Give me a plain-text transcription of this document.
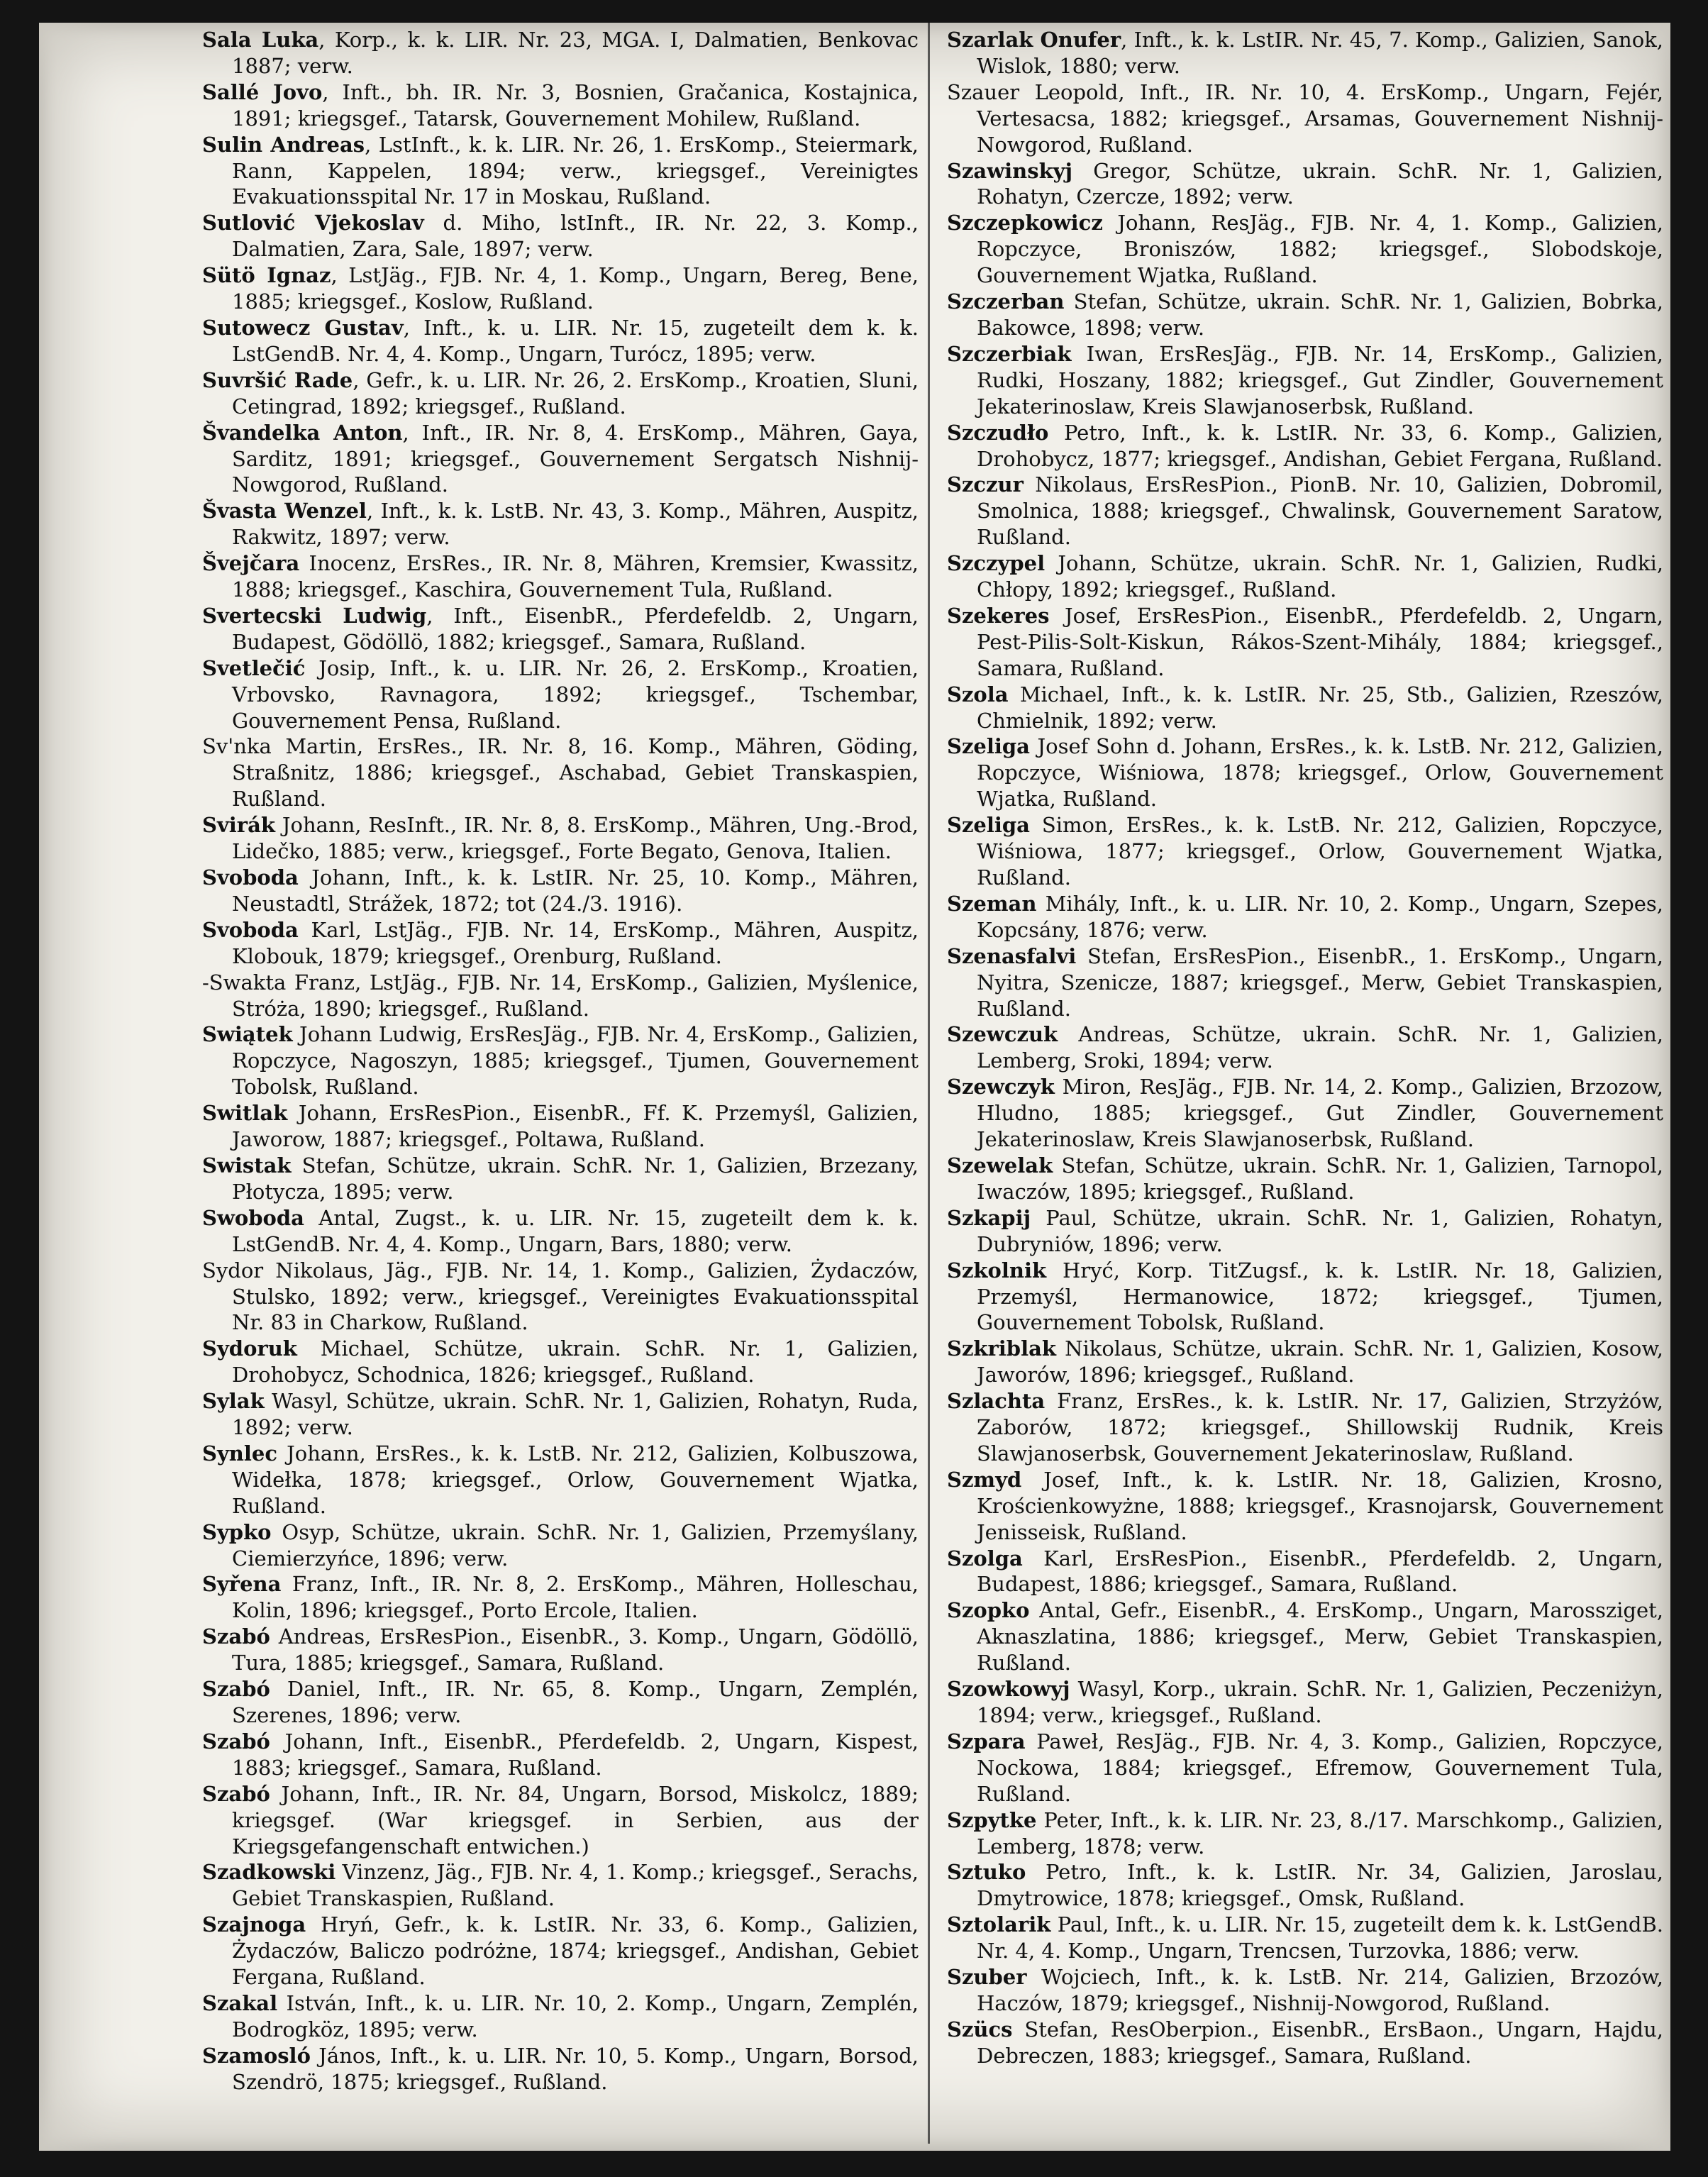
Sala Luka, Korp., k. k. LIR. Nr. 23, MGA. I, Dalmatien, Benkovac 1887; verw.

Sallé Jovo, Inft., bh. IR. Nr. 3, Bosnien, Gračanica, Kostajnica, 1891; kriegsgef., Tatarsk, Gouvernement Mohilew, Rußland.

Sulin Andreas, LstInft., k. k. LIR. Nr. 26, 1. ErsKomp., Steiermark, Rann, Kappelen, 1894; verw., kriegsgef., Vereinigtes Evakuationsspital Nr. 17 in Moskau, Rußland.

Sutlović Vjekoslav d. Miho, lstInft., IR. Nr. 22, 3. Komp., Dalmatien, Zara, Sale, 1897; verw.

Sütö Ignaz, LstJäg., FJB. Nr. 4, 1. Komp., Ungarn, Bereg, Bene, 1885; kriegsgef., Koslow, Rußland.

Sutowecz Gustav, Inft., k. u. LIR. Nr. 15, zugeteilt dem k. k. LstGendB. Nr. 4, 4. Komp., Ungarn, Turócz, 1895; verw.

Suvršić Rade, Gefr., k. u. LIR. Nr. 26, 2. ErsKomp., Kroatien, Sluni, Cetingrad, 1892; kriegsgef., Rußland.

Švandelka Anton, Inft., IR. Nr. 8, 4. ErsKomp., Mähren, Gaya, Sarditz, 1891; kriegsgef., Gouvernement Sergatsch Nishnij-Nowgorod, Rußland.

Švasta Wenzel, Inft., k. k. LstB. Nr. 43, 3. Komp., Mähren, Auspitz, Rakwitz, 1897; verw.

Švejčara Inocenz, ErsRes., IR. Nr. 8, Mähren, Kremsier, Kwassitz, 1888; kriegsgef., Kaschira, Gouvernement Tula, Rußland.

Svertecski Ludwig, Inft., EisenbR., Pferdefeldb. 2, Ungarn, Budapest, Gödöllö, 1882; kriegsgef., Samara, Rußland.

Svetlečić Josip, Inft., k. u. LIR. Nr. 26, 2. ErsKomp., Kroatien, Vrbovsko, Ravnagora, 1892; kriegsgef., Tschembar, Gouvernement Pensa, Rußland.

Sv'nka Martin, ErsRes., IR. Nr. 8, 16. Komp., Mähren, Göding, Straßnitz, 1886; kriegsgef., Aschabad, Gebiet Transkaspien, Rußland.

Svirák Johann, ResInft., IR. Nr. 8, 8. ErsKomp., Mähren, Ung.-Brod, Lidečko, 1885; verw., kriegsgef., Forte Begato, Genova, Italien.

Svoboda Johann, Inft., k. k. LstIR. Nr. 25, 10. Komp., Mähren, Neustadtl, Strážek, 1872; tot (24./3. 1916).

Svoboda Karl, LstJäg., FJB. Nr. 14, ErsKomp., Mähren, Auspitz, Klobouk, 1879; kriegsgef., Orenburg, Rußland.

-Swakta Franz, LstJäg., FJB. Nr. 14, ErsKomp., Galizien, Myślenice, Stróża, 1890; kriegsgef., Rußland.

Swiątek Johann Ludwig, ErsResJäg., FJB. Nr. 4, ErsKomp., Galizien, Ropczyce, Nagoszyn, 1885; kriegsgef., Tjumen, Gouvernement Tobolsk, Rußland.

Switlak Johann, ErsResPion., EisenbR., Ff. K. Przemyśl, Galizien, Jaworow, 1887; kriegsgef., Poltawa, Rußland.

Swistak Stefan, Schütze, ukrain. SchR. Nr. 1, Galizien, Brzezany, Płotycza, 1895; verw.

Swoboda Antal, Zugst., k. u. LIR. Nr. 15, zugeteilt dem k. k. LstGendB. Nr. 4, 4. Komp., Ungarn, Bars, 1880; verw.

Sydor Nikolaus, Jäg., FJB. Nr. 14, 1. Komp., Galizien, Żydaczów, Stulsko, 1892; verw., kriegsgef., Vereinigtes Evakuationsspital Nr. 83 in Charkow, Rußland.

Sydoruk Michael, Schütze, ukrain. SchR. Nr. 1, Galizien, Drohobycz, Schodnica, 1826; kriegsgef., Rußland.

Sylak Wasyl, Schütze, ukrain. SchR. Nr. 1, Galizien, Rohatyn, Ruda, 1892; verw.

Synlec Johann, ErsRes., k. k. LstB. Nr. 212, Galizien, Kolbuszowa, Widełka, 1878; kriegsgef., Orlow, Gouvernement Wjatka, Rußland.

Sypko Osyp, Schütze, ukrain. SchR. Nr. 1, Galizien, Przemyślany, Ciemierzyńce, 1896; verw.

Syřena Franz, Inft., IR. Nr. 8, 2. ErsKomp., Mähren, Holleschau, Kolin, 1896; kriegsgef., Porto Ercole, Italien.

Szabó Andreas, ErsResPion., EisenbR., 3. Komp., Ungarn, Gödöllö, Tura, 1885; kriegsgef., Samara, Rußland.

Szabó Daniel, Inft., IR. Nr. 65, 8. Komp., Ungarn, Zemplén, Szerenes, 1896; verw.

Szabó Johann, Inft., EisenbR., Pferdefeldb. 2, Ungarn, Kispest, 1883; kriegsgef., Samara, Rußland.

Szabó Johann, Inft., IR. Nr. 84, Ungarn, Borsod, Miskolcz, 1889; kriegsgef. (War kriegsgef. in Serbien, aus der Kriegsgefangenschaft entwichen.)

Szadkowski Vinzenz, Jäg., FJB. Nr. 4, 1. Komp.; kriegsgef., Serachs, Gebiet Transkaspien, Rußland.

Szajnoga Hryń, Gefr., k. k. LstIR. Nr. 33, 6. Komp., Galizien, Żydaczów, Baliczo podróżne, 1874; kriegsgef., Andishan, Gebiet Fergana, Rußland.

Szakal István, Inft., k. u. LIR. Nr. 10, 2. Komp., Ungarn, Zemplén, Bodrogköz, 1895; verw.

Szamosló János, Inft., k. u. LIR. Nr. 10, 5. Komp., Ungarn, Borsod, Szendrö, 1875; kriegsgef., Rußland.

Szarlak Onufer, Inft., k. k. LstIR. Nr. 45, 7. Komp., Galizien, Sanok, Wislok, 1880; verw.

Szauer Leopold, Inft., IR. Nr. 10, 4. ErsKomp., Ungarn, Fejér, Vertesacsa, 1882; kriegsgef., Arsamas, Gouvernement Nishnij-Nowgorod, Rußland.

Szawinskyj Gregor, Schütze, ukrain. SchR. Nr. 1, Galizien, Rohatyn, Czercze, 1892; verw.

Szczepkowicz Johann, ResJäg., FJB. Nr. 4, 1. Komp., Galizien, Ropczyce, Broniszów, 1882; kriegsgef., Slobodskoje, Gouvernement Wjatka, Rußland.

Szczerban Stefan, Schütze, ukrain. SchR. Nr. 1, Galizien, Bobrka, Bakowce, 1898; verw.

Szczerbiak Iwan, ErsResJäg., FJB. Nr. 14, ErsKomp., Galizien, Rudki, Hoszany, 1882; kriegsgef., Gut Zindler, Gouvernement Jekaterinoslaw, Kreis Slawjanoserbsk, Rußland.

Szczudło Petro, Inft., k. k. LstIR. Nr. 33, 6. Komp., Galizien, Drohobycz, 1877; kriegsgef., Andishan, Gebiet Fergana, Rußland.

Szczur Nikolaus, ErsResPion., PionB. Nr. 10, Galizien, Dobromil, Smolnica, 1888; kriegsgef., Chwalinsk, Gouvernement Saratow, Rußland.

Szczypel Johann, Schütze, ukrain. SchR. Nr. 1, Galizien, Rudki, Chłopy, 1892; kriegsgef., Rußland.

Szekeres Josef, ErsResPion., EisenbR., Pferdefeldb. 2, Ungarn, Pest-Pilis-Solt-Kiskun, Rákos-Szent-Mihály, 1884; kriegsgef., Samara, Rußland.

Szola Michael, Inft., k. k. LstIR. Nr. 25, Stb., Galizien, Rzeszów, Chmielnik, 1892; verw.

Szeliga Josef Sohn d. Johann, ErsRes., k. k. LstB. Nr. 212, Galizien, Ropczyce, Wiśniowa, 1878; kriegsgef., Orlow, Gouvernement Wjatka, Rußland.

Szeliga Simon, ErsRes., k. k. LstB. Nr. 212, Galizien, Ropczyce, Wiśniowa, 1877; kriegsgef., Orlow, Gouvernement Wjatka, Rußland.

Szeman Mihály, Inft., k. u. LIR. Nr. 10, 2. Komp., Ungarn, Szepes, Kopcsány, 1876; verw.

Szenasfalvi Stefan, ErsResPion., EisenbR., 1. ErsKomp., Ungarn, Nyitra, Szenicze, 1887; kriegsgef., Merw, Gebiet Transkaspien, Rußland.

Szewczuk Andreas, Schütze, ukrain. SchR. Nr. 1, Galizien, Lemberg, Sroki, 1894; verw.

Szewczyk Miron, ResJäg., FJB. Nr. 14, 2. Komp., Galizien, Brzozow, Hludno, 1885; kriegsgef., Gut Zindler, Gouvernement Jekaterinoslaw, Kreis Slawjanoserbsk, Rußland.

Szewelak Stefan, Schütze, ukrain. SchR. Nr. 1, Galizien, Tarnopol, Iwaczów, 1895; kriegsgef., Rußland.

Szkapij Paul, Schütze, ukrain. SchR. Nr. 1, Galizien, Rohatyn, Dubryniów, 1896; verw.

Szkolnik Hryć, Korp. TitZugsf., k. k. LstIR. Nr. 18, Galizien, Przemyśl, Hermanowice, 1872; kriegsgef., Tjumen, Gouvernement Tobolsk, Rußland.

Szkriblak Nikolaus, Schütze, ukrain. SchR. Nr. 1, Galizien, Kosow, Jaworów, 1896; kriegsgef., Rußland.

Szlachta Franz, ErsRes., k. k. LstIR. Nr. 17, Galizien, Strzyżów, Zaborów, 1872; kriegsgef., Shillowskij Rudnik, Kreis Slawjanoserbsk, Gouvernement Jekaterinoslaw, Rußland.

Szmyd Josef, Inft., k. k. LstIR. Nr. 18, Galizien, Krosno, Krościenkowyżne, 1888; kriegsgef., Krasnojarsk, Gouvernement Jenisseisk, Rußland.

Szolga Karl, ErsResPion., EisenbR., Pferdefeldb. 2, Ungarn, Budapest, 1886; kriegsgef., Samara, Rußland.

Szopko Antal, Gefr., EisenbR., 4. ErsKomp., Ungarn, Marossziget, Aknaszlatina, 1886; kriegsgef., Merw, Gebiet Transkaspien, Rußland.

Szowkowyj Wasyl, Korp., ukrain. SchR. Nr. 1, Galizien, Peczeniżyn, 1894; verw., kriegsgef., Rußland.

Szpara Paweł, ResJäg., FJB. Nr. 4, 3. Komp., Galizien, Ropczyce, Nockowa, 1884; kriegsgef., Efremow, Gouvernement Tula, Rußland.

Szpytke Peter, Inft., k. k. LIR. Nr. 23, 8./17. Marschkomp., Galizien, Lemberg, 1878; verw.

Sztuko Petro, Inft., k. k. LstIR. Nr. 34, Galizien, Jaroslau, Dmytrowice, 1878; kriegsgef., Omsk, Rußland.

Sztolarik Paul, Inft., k. u. LIR. Nr. 15, zugeteilt dem k. k. LstGendB. Nr. 4, 4. Komp., Ungarn, Trencsen, Turzovka, 1886; verw.

Szuber Wojciech, Inft., k. k. LstB. Nr. 214, Galizien, Brzozów, Haczów, 1879; kriegsgef., Nishnij-Nowgorod, Rußland.

Szücs Stefan, ResOberpion., EisenbR., ErsBaon., Ungarn, Hajdu, Debreczen, 1883; kriegsgef., Samara, Rußland.
